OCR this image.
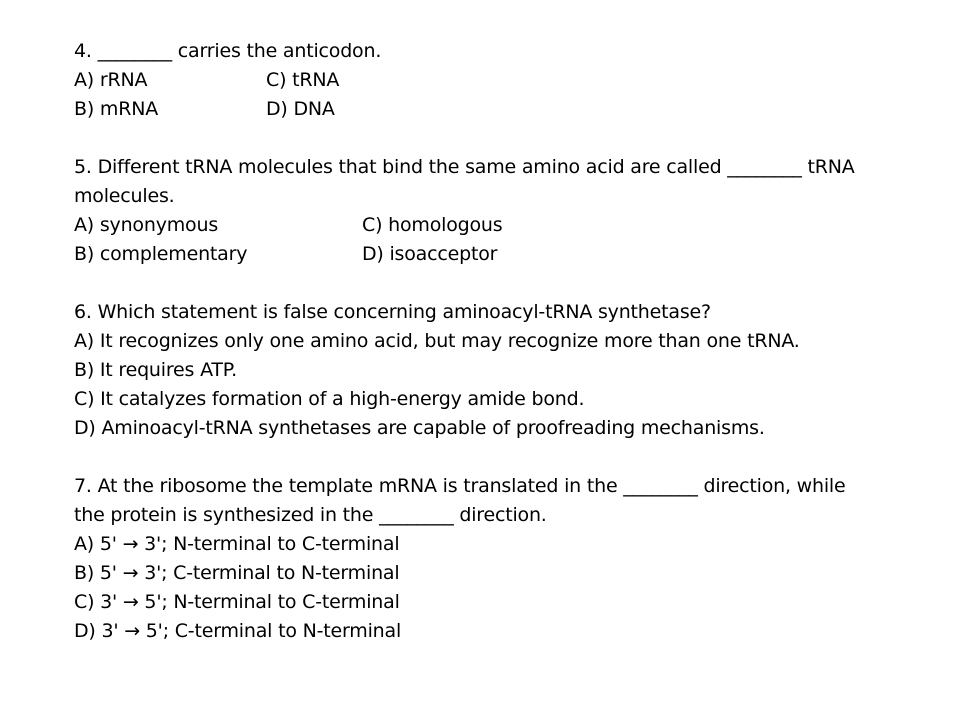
4. ________ carries the anticodon.
A) rRNA	C) tRNA
B) mRNA	D) DNA
5. Different tRNA molecules that bind the same amino acid are called ________ tRNA
molecules.
A) synonymous	C) homologous
B) complementary	D) isoacceptor
6. Which statement is false concerning aminoacyl-tRNA synthetase?
A) It recognizes only one amino acid, but may recognize more than one tRNA.
B) It requires ATP.
C) It catalyzes formation of a high-energy amide bond.
D) Aminoacyl-tRNA synthetases are capable of proofreading mechanisms.
7. At the ribosome the template mRNA is translated in the ________ direction, while
the protein is synthesized in the ________ direction.
A) 5' → 3'; N-terminal to C-terminal
B) 5' → 3'; C-terminal to N-terminal
C) 3' → 5'; N-terminal to C-terminal
D) 3' → 5'; C-terminal to N-terminal
